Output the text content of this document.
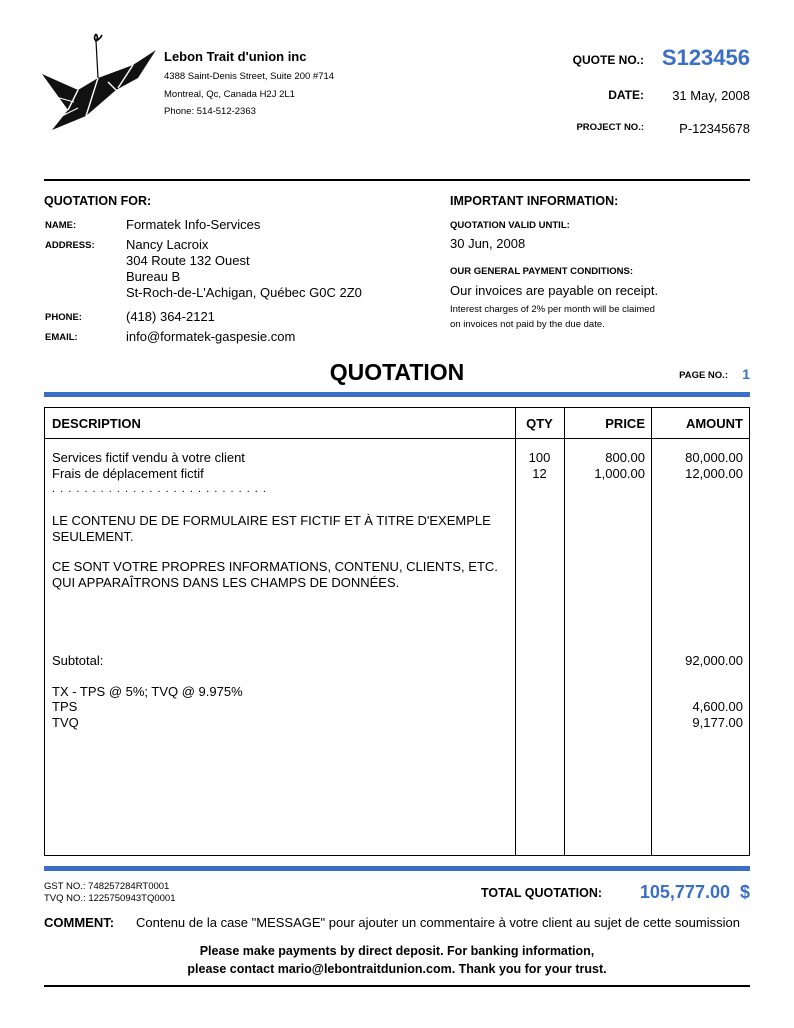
Lebon Trait d'union inc
4388 Saint-Denis Street, Suite 200 #714
Montreal, Qc, Canada H2J 2L1
Phone: 514-512-2363
QUOTE NO.: S123456
DATE: 31 May, 2008
PROJECT NO.:	P-12345678
QUOTATION FOR:
NAME:	Formatek Info-Services
ADDRESS: Nancy Lacroix
304 Route 132 Ouest
Bureau B
St-Roch-de-L'Achigan, Québec G0C 2Z0
PHONE:	(418) 364-2121
EMAIL:	info@formatek-gaspesie.com
IMPORTANT INFORMATION:
QUOTATION VALID UNTIL:
30 Jun, 2008
OUR GENERAL PAYMENT CONDITIONS:
Our invoices are payable on receipt.
Interest charges of 2% per month will be claimed
on invoices not paid by the due date.
QUOTATION	PAGE NO.: 1
DESCRIPTION	QTY	PRICE	AMOUNT
Services fictif vendu à votre client	100	800.00	80,000.00
Frais de déplacement fictif	12	1,000.00	12,000.00
. . . . . . . . . . . . . . . . . . . . . . . . . . .
LE CONTENU DE DE FORMULAIRE EST FICTIF ET À TITRE D'EXEMPLE
SEULEMENT.
CE SONT VOTRE PROPRES INFORMATIONS, CONTENU, CLIENTS, ETC.
QUI APPARAÎTRONS DANS LES CHAMPS DE DONNÉES.
Subtotal:	92,000.00
TX - TPS @ 5%; TVQ @ 9.975%
TPS	4,600.00
TVQ	9,177.00
GST NO.: 748257284RT0001
TVQ NO.: 1225750943TQ0001	TOTAL QUOTATION: 105,777.00  $
COMMENT: Contenu de la case "MESSAGE" pour ajouter un commentaire à votre client au sujet de cette soumission
Please make payments by direct deposit. For banking information,
please contact mario@lebontraitdunion.com. Thank you for your trust.
